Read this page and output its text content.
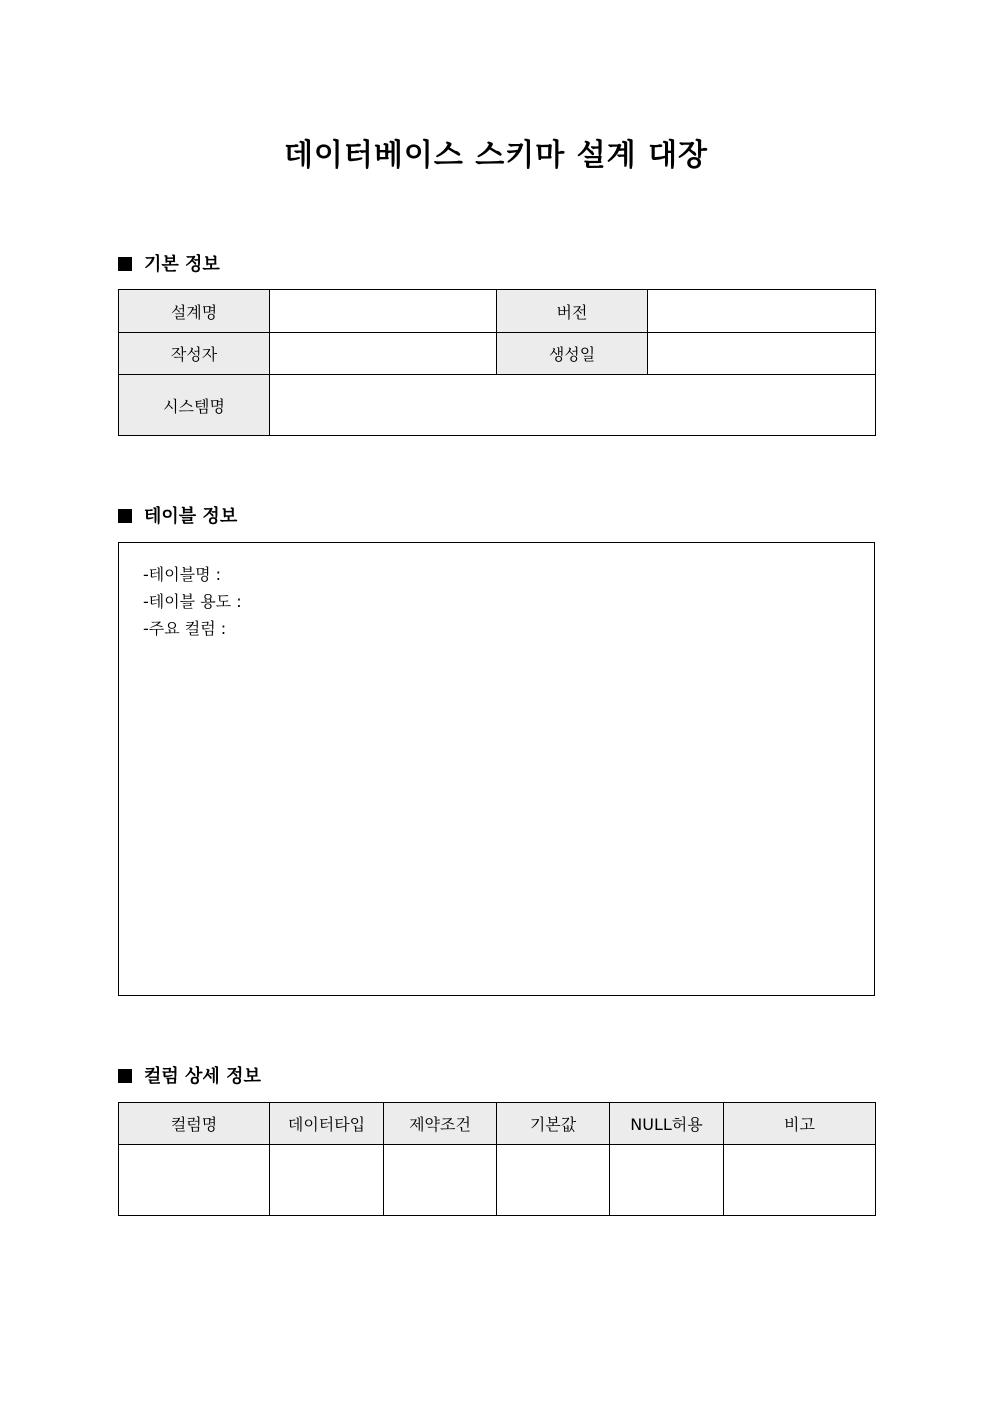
데이터베이스 스키마 설계 대장
기본 정보
설계명		버전	
작성자		생성일	
시스템명			
테이블 정보
-테이블명 :
-테이블 용도 :
-주요 컬럼 :
컬럼 상세 정보
컬럼명	데이터타입	제약조건	기본값	NULL허용	비고
